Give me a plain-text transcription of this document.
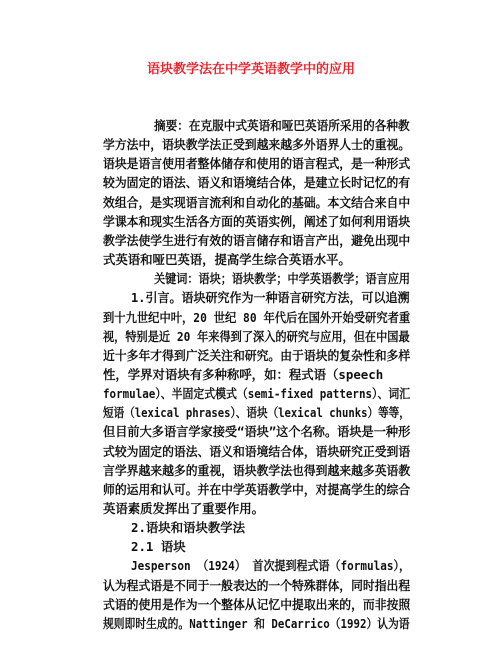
语块教学法在中学英语教学中的应用
摘要：在克服中式英语和哑巴英语所采用的各种教
学方法中，语块教学法正受到越来越多外语界人士的重视。
语块是语言使用者整体储存和使用的语言程式，是一种形式
较为固定的语法、语义和语境结合体，是建立长时记忆的有
效组合，是实现语言流利和自动化的基础。本文结合来自中
学课本和现实生活各方面的英语实例，阐述了如何利用语块
教学法使学生进行有效的语言储存和语言产出，避免出现中
式英语和哑巴英语，提高学生综合英语水平。
关键词：语块；语块教学；中学英语教学；语言应用
1.引言。语块研究作为一种语言研究方法，可以追溯
到十九世纪中叶，20 世纪 80 年代后在国外开始受研究者重
视，特别是近 20 年来得到了深入的研究与应用，但在中国最
近十多年才得到广泛关注和研究。由于语块的复杂性和多样
性，学界对语块有多种称呼，如：程式语（speech
formulae）、半固定式模式（semi-fixed patterns）、词汇
短语（lexical phrases）、语块（lexical chunks）等等，
但目前大多语言学家接受“语块”这个名称。语块是一种形
式较为固定的语法、语义和语境结合体，语块研究正受到语
言学界越来越多的重视，语块教学法也得到越来越多英语教
师的运用和认可。并在中学英语教学中，对提高学生的综合
英语素质发挥出了重要作用。
2.语块和语块教学法
2.1 语块
Jesperson （1924） 首次提到程式语（formulas），
认为程式语是不同于一般表达的一个特殊群体，同时指出程
式语的使用是作为一个整体从记忆中提取出来的，而非按照
规则即时生成的。Nattinger 和 DeCarrico（1992）认为语
